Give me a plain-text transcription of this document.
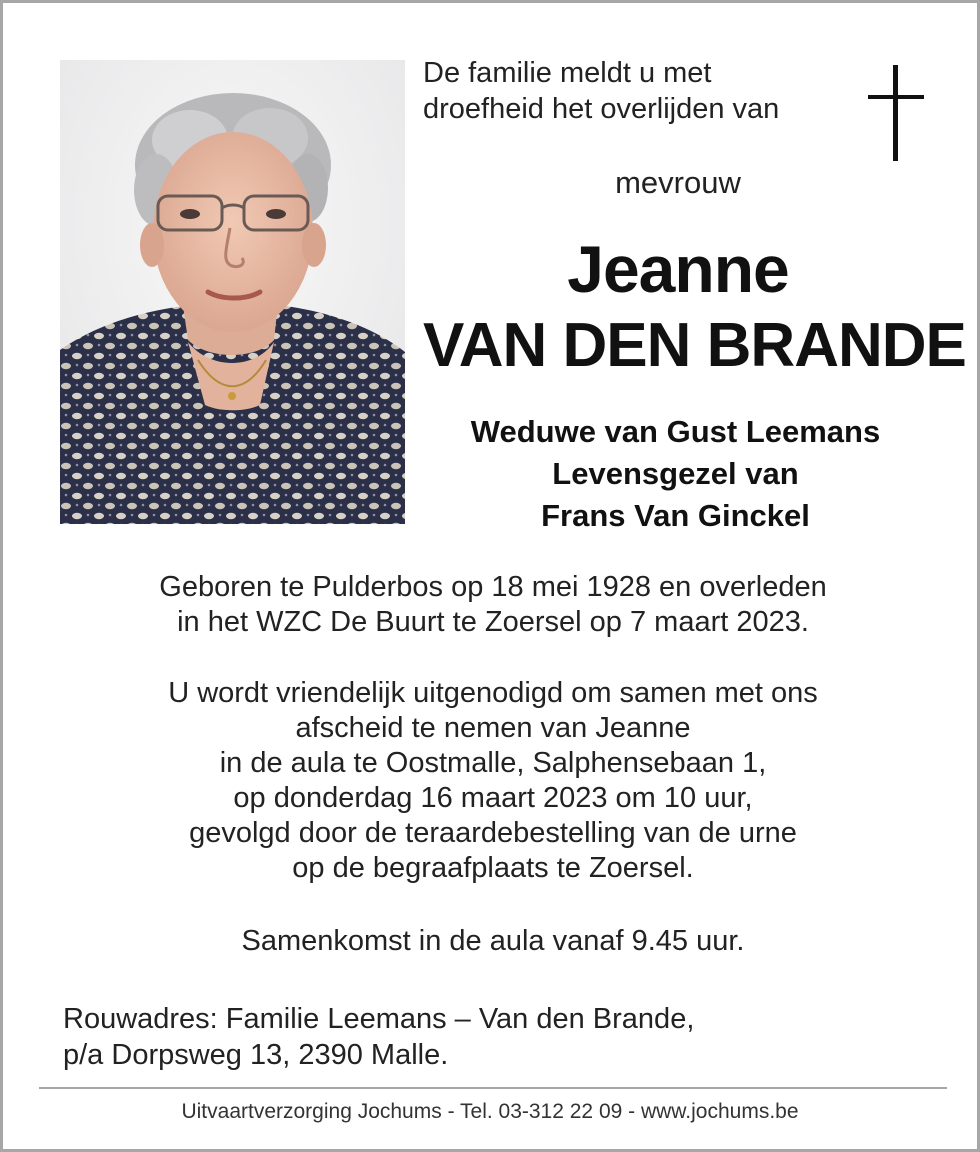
De familie meldt u met
droefheid het overlijden van
mevrouw
Jeanne
VAN DEN BRANDE
Weduwe van Gust Leemans
Levensgezel van
Frans Van Ginckel

Geboren te Pulderbos op 18 mei 1928 en overleden

in het WZC De Buurt te Zoersel op 7 maart 2023.

U wordt vriendelijk uitgenodigd om samen met ons

afscheid te nemen van Jeanne

in de aula te Oostmalle, Salphensebaan 1,

op donderdag 16 maart 2023 om 10 uur,

gevolgd door de teraardebestelling van de urne

op de begraafplaats te Zoersel.

Samenkomst in de aula vanaf 9.45 uur.

Rouwadres: Familie Leemans – Van den Brande,

p/a Dorpsweg 13, 2390 Malle.

Uitvaartverzorging Jochums - Tel. 03-312 22 09 - www.jochums.be
